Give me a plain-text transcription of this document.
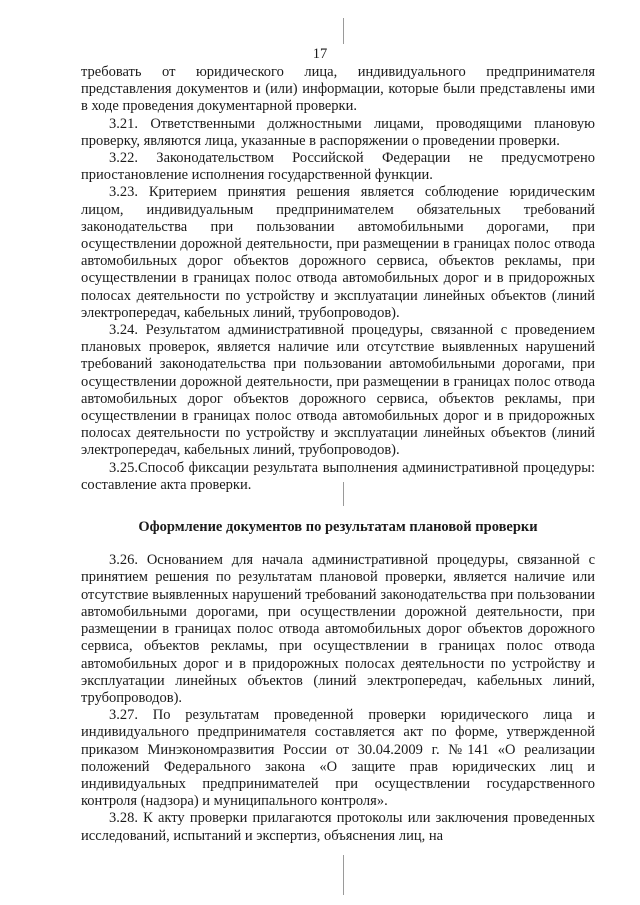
17

требовать от юридического лица, индивидуального предпринимателя представления документов и (или) информации, которые были представлены ими в ходе проведения документарной проверки.

3.21. Ответственными должностными лицами, проводящими плановую проверку, являются лица, указанные в распоряжении о проведении проверки.

3.22. Законодательством Российской Федерации не предусмотрено приостановление исполнения государственной функции.

3.23. Критерием принятия решения является соблюдение юридическим лицом, индивидуальным предпринимателем обязательных требований законодательства при пользовании автомобильными дорогами, при осуществлении дорожной деятельности, при размещении в границах полос отвода автомобильных дорог объектов дорожного сервиса, объектов рекламы, при осуществлении в границах полос отвода автомобильных дорог и в придорожных полосах деятельности по устройству и эксплуатации линейных объектов (линий электропередач, кабельных линий, трубопроводов).

3.24. Результатом административной процедуры, связанной с проведением плановых проверок, является наличие или отсутствие выявленных нарушений требований законодательства при пользовании автомобильными дорогами, при осуществлении дорожной деятельности, при размещении в границах полос отвода автомобильных дорог объектов дорожного сервиса, объектов рекламы, при осуществлении в границах полос отвода автомобильных дорог и в придорожных полосах деятельности по устройству и эксплуатации линейных объектов (линий электропередач, кабельных линий, трубопроводов).

3.25.Способ фиксации результата выполнения административной процедуры: составление акта проверки.

Оформление документов по результатам плановой проверки

3.26. Основанием для начала административной процедуры, связанной с принятием решения по результатам плановой проверки, является наличие или отсутствие выявленных нарушений требований законодательства при пользовании автомобильными дорогами, при осуществлении дорожной деятельности, при размещении в границах полос отвода автомобильных дорог объектов дорожного сервиса, объектов рекламы, при осуществлении в границах полос отвода автомобильных дорог и в придорожных полосах деятельности по устройству и эксплуатации линейных объектов (линий электропередач, кабельных линий, трубопроводов).

3.27. По результатам проведенной проверки юридического лица и индивидуального предпринимателя составляется акт по форме, утвержденной приказом Минэкономразвития России от 30.04.2009 г. №141 «О реализации положений Федерального закона «О защите прав юридических лиц и индивидуальных предпринимателей при осуществлении государственного контроля (надзора) и муниципального контроля».

3.28. К акту проверки прилагаются протоколы или заключения проведенных исследований, испытаний и экспертиз, объяснения лиц, на
